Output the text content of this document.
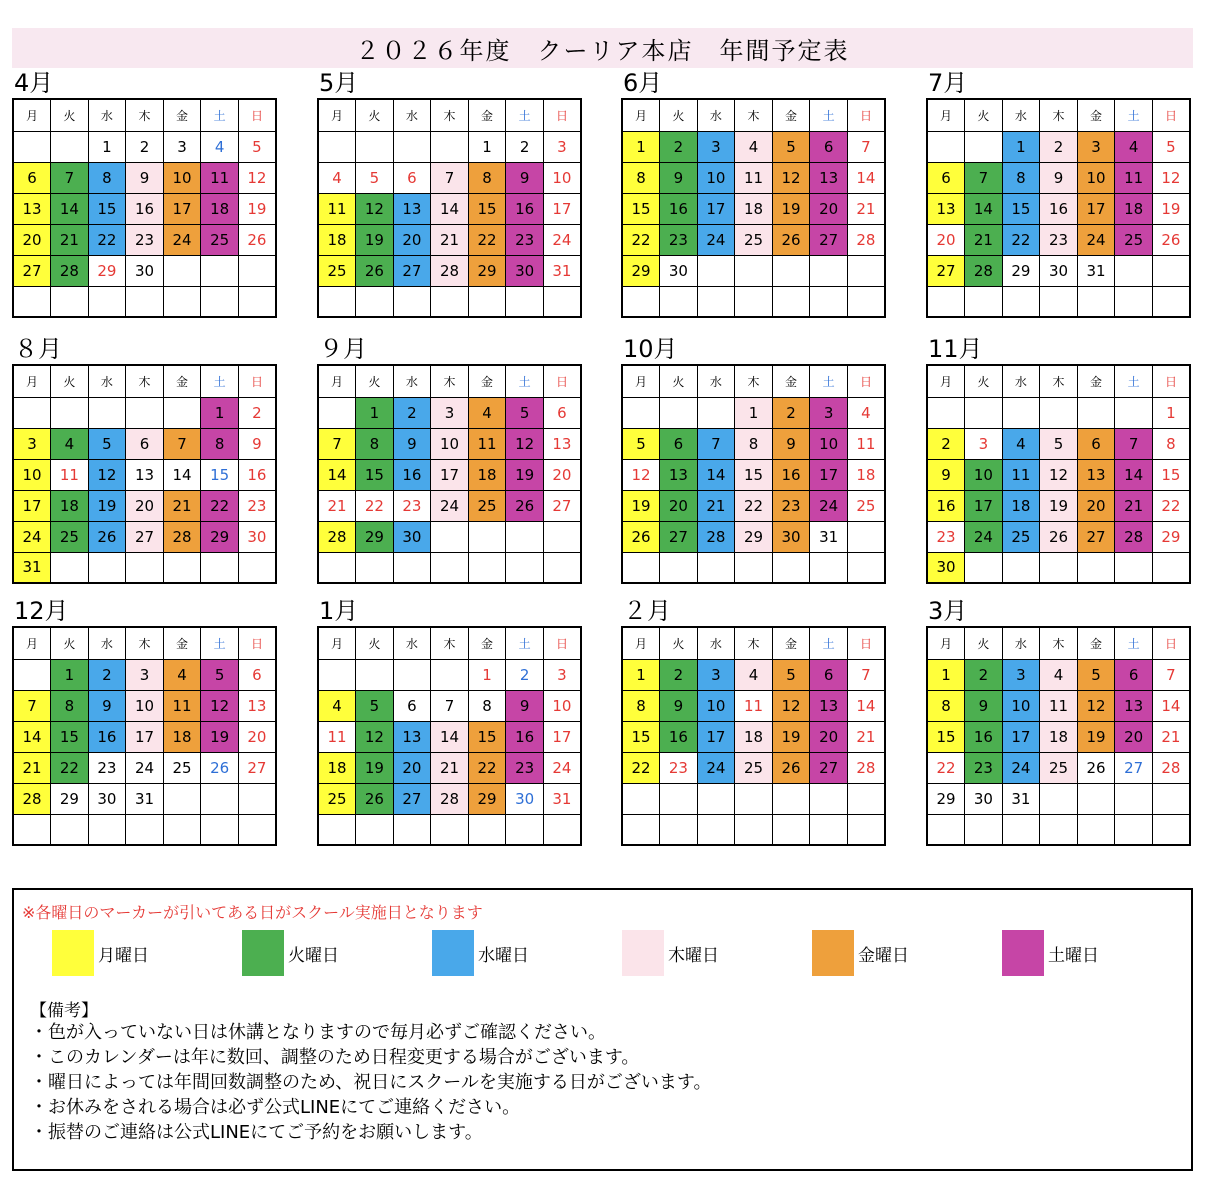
２０２６年度　クーリア本店　年間予定表
4月
月	火	水	木	金	土	日
		1	2	3	4	5
6	7	8	9	10	11	12
13	14	15	16	17	18	19
20	21	22	23	24	25	26
27	28	29	30			

5月
月	火	水	木	金	土	日
				1	2	3
4	5	6	7	8	9	10
11	12	13	14	15	16	17
18	19	20	21	22	23	24
25	26	27	28	29	30	31

6月
月	火	水	木	金	土	日
1	2	3	4	5	6	7
8	9	10	11	12	13	14
15	16	17	18	19	20	21
22	23	24	25	26	27	28
29	30					

7月
月	火	水	木	金	土	日
		1	2	3	4	5
6	7	8	9	10	11	12
13	14	15	16	17	18	19
20	21	22	23	24	25	26
27	28	29	30	31		

８月
月	火	水	木	金	土	日
					1	2
3	4	5	6	7	8	9
10	11	12	13	14	15	16
17	18	19	20	21	22	23
24	25	26	27	28	29	30
31						
９月
月	火	水	木	金	土	日
	1	2	3	4	5	6
7	8	9	10	11	12	13
14	15	16	17	18	19	20
21	22	23	24	25	26	27
28	29	30				

10月
月	火	水	木	金	土	日
			1	2	3	4
5	6	7	8	9	10	11
12	13	14	15	16	17	18
19	20	21	22	23	24	25
26	27	28	29	30	31	

11月
月	火	水	木	金	土	日
						1
2	3	4	5	6	7	8
9	10	11	12	13	14	15
16	17	18	19	20	21	22
23	24	25	26	27	28	29
30						
12月
月	火	水	木	金	土	日
	1	2	3	4	5	6
7	8	9	10	11	12	13
14	15	16	17	18	19	20
21	22	23	24	25	26	27
28	29	30	31			

1月
月	火	水	木	金	土	日
				1	2	3
4	5	6	7	8	9	10
11	12	13	14	15	16	17
18	19	20	21	22	23	24
25	26	27	28	29	30	31

２月
月	火	水	木	金	土	日
1	2	3	4	5	6	7
8	9	10	11	12	13	14
15	16	17	18	19	20	21
22	23	24	25	26	27	28

3月
月	火	水	木	金	土	日
1	2	3	4	5	6	7
8	9	10	11	12	13	14
15	16	17	18	19	20	21
22	23	24	25	26	27	28
29	30	31				

※各曜日のマーカーが引いてある日がスクール実施日となります
月曜日	火曜日	水曜日	木曜日	金曜日	土曜日
【備考】
・色が入っていない日は休講となりますので毎月必ずご確認ください。
・このカレンダーは年に数回、調整のため日程変更する場合がございます。
・曜日によっては年間回数調整のため、祝日にスクールを実施する日がございます。
・お休みをされる場合は必ず公式LINEにてご連絡ください。
・振替のご連絡は公式LINEにてご予約をお願いします。
